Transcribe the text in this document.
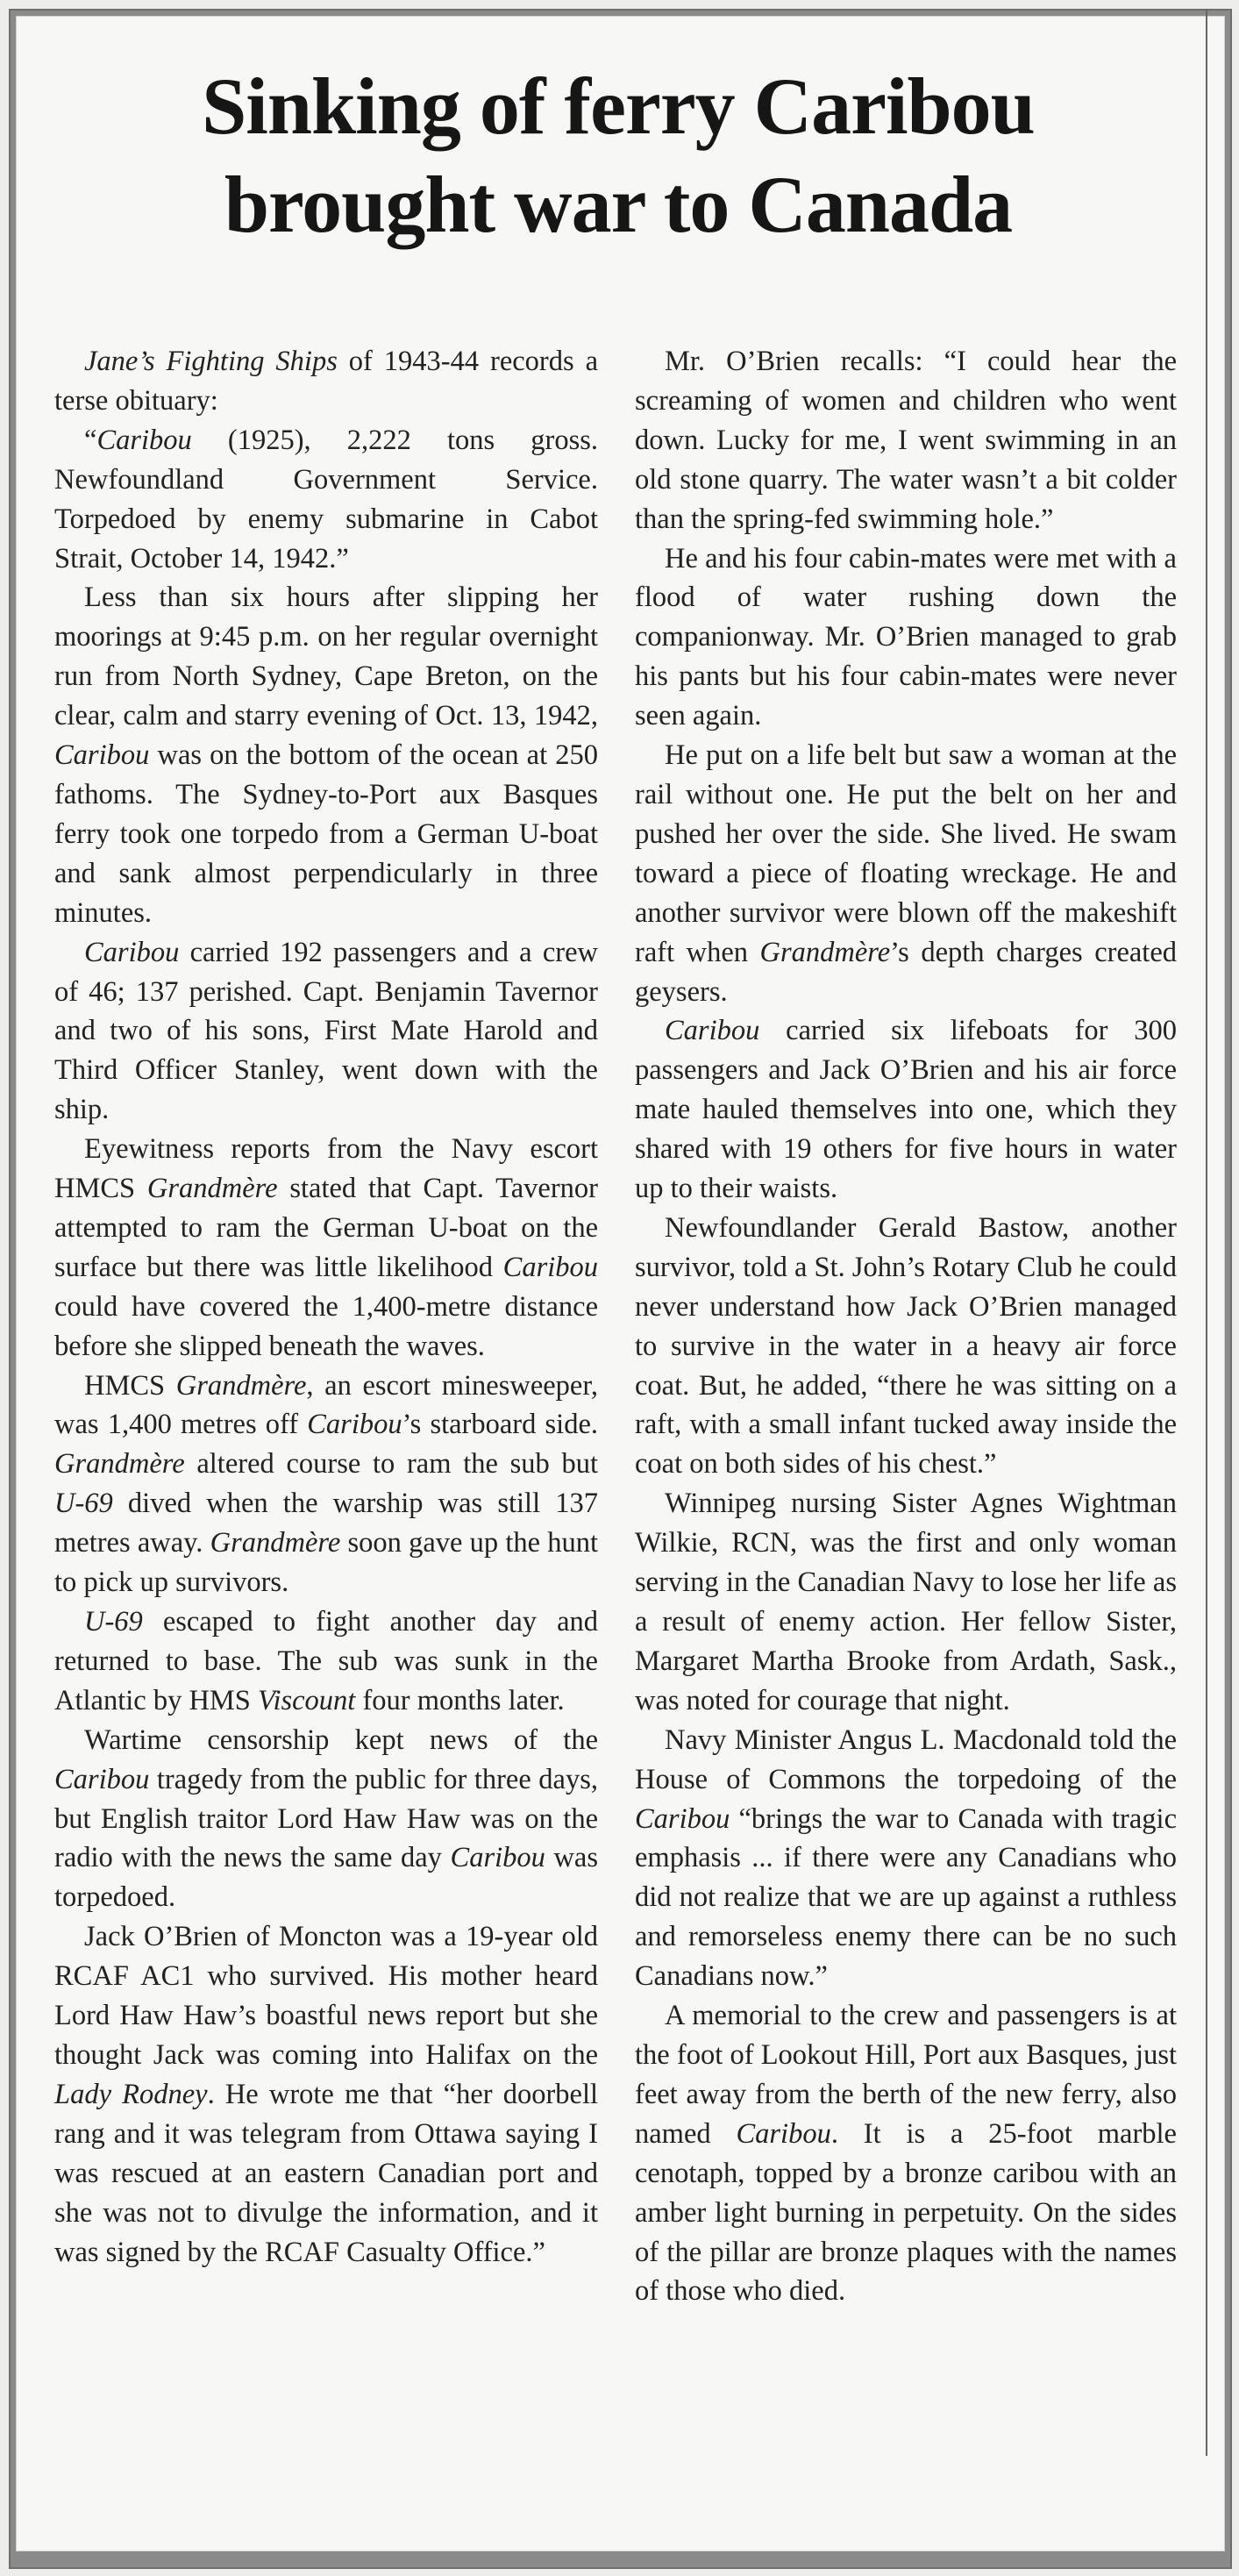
Sinking of ferry Caribou
brought war to Canada

Jane’s Fighting Ships of 1943-44 records a terse obituary:

“Caribou (1925), 2,222 tons gross. Newfoundland Government Service. Torpedoed by enemy submarine in Cabot Strait, October 14, 1942.”

Less than six hours after slipping her moorings at 9:45 p.m. on her regular overnight run from North Sydney, Cape Breton, on the clear, calm and starry evening of Oct. 13, 1942, Caribou was on the bottom of the ocean at 250 fathoms. The Sydney-to-Port aux Basques ferry took one torpedo from a German U-boat and sank almost perpendicularly in three minutes.

Caribou carried 192 passengers and a crew of 46; 137 perished. Capt. Benjamin Tavernor and two of his sons, First Mate Harold and Third Officer Stanley, went down with the ship.

Eyewitness reports from the Navy escort HMCS Grandmère stated that Capt. Tavernor attempted to ram the German U-boat on the surface but there was little likelihood Caribou could have covered the 1,400-metre distance before she slipped beneath the waves.

HMCS Grandmère, an escort minesweeper, was 1,400 metres off Caribou’s starboard side. Grandmère altered course to ram the sub but U-69 dived when the warship was still 137 metres away. Grandmère soon gave up the hunt to pick up survivors.

U-69 escaped to fight another day and returned to base. The sub was sunk in the Atlantic by HMS Viscount four months later.

Wartime censorship kept news of the Caribou tragedy from the public for three days, but English traitor Lord Haw Haw was on the radio with the news the same day Caribou was torpedoed.

Jack O’Brien of Moncton was a 19-year old RCAF AC1 who survived. His mother heard Lord Haw Haw’s boastful news report but she thought Jack was coming into Halifax on the Lady Rodney. He wrote me that “her doorbell rang and it was telegram from Ottawa saying I was rescued at an eastern Canadian port and she was not to divulge the information, and it was signed by the RCAF Casualty Office.”

Mr. O’Brien recalls: “I could hear the screaming of women and children who went down. Lucky for me, I went swimming in an old stone quarry. The water wasn’t a bit colder than the spring-fed swimming hole.”

He and his four cabin-mates were met with a flood of water rushing down the companionway. Mr. O’Brien managed to grab his pants but his four cabin-mates were never seen again.

He put on a life belt but saw a woman at the rail without one. He put the belt on her and pushed her over the side. She lived. He swam toward a piece of floating wreckage. He and another survivor were blown off the makeshift raft when Grandmère’s depth charges created geysers.

Caribou carried six lifeboats for 300 passengers and Jack O’Brien and his air force mate hauled themselves into one, which they shared with 19 others for five hours in water up to their waists.

Newfoundlander Gerald Bastow, another survivor, told a St. John’s Rotary Club he could never understand how Jack O’Brien managed to survive in the water in a heavy air force coat. But, he added, “there he was sitting on a raft, with a small infant tucked away inside the coat on both sides of his chest.”

Winnipeg nursing Sister Agnes Wightman Wilkie, RCN, was the first and only woman serving in the Canadian Navy to lose her life as a result of enemy action. Her fellow Sister, Margaret Martha Brooke from Ardath, Sask., was noted for courage that night.

Navy Minister Angus L. Macdonald told the House of Commons the torpedoing of the Caribou “brings the war to Canada with tragic emphasis ... if there were any Canadians who did not realize that we are up against a ruthless and remorseless enemy there can be no such Canadians now.”

A memorial to the crew and passengers is at the foot of Lookout Hill, Port aux Basques, just feet away from the berth of the new ferry, also named Caribou. It is a 25-foot marble cenotaph, topped by a bronze caribou with an amber light burning in perpetuity. On the sides of the pillar are bronze plaques with the names of those who died.
